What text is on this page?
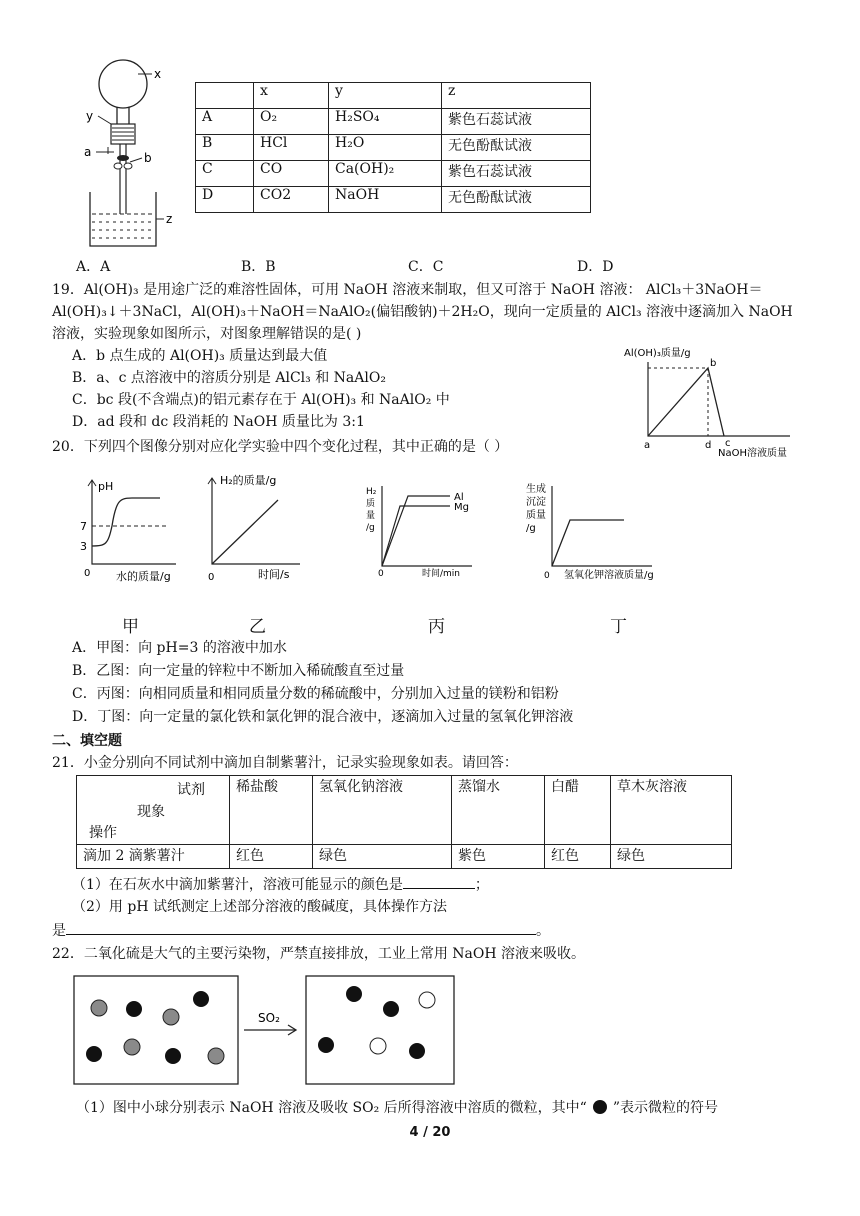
x
y
a	b
z
	x	y	z
A	O₂	H₂SO₄	紫色石蕊试液
B	HCl	H₂O	无色酚酞试液
C	CO	Ca(OH)₂	紫色石蕊试液
D	CO2	NaOH	无色酚酞试液
A．A	B．B	C．C	D．D
19．Al(OH)₃ 是用途广泛的难溶性固体，可用 NaOH 溶液来制取，但又可溶于 NaOH 溶液： AlCl₃＋3NaOH＝
Al(OH)₃↓＋3NaCl，Al(OH)₃＋NaOH＝NaAlO₂(偏铝酸钠)＋2H₂O，现向一定质量的 AlCl₃ 溶液中逐滴加入 NaOH
溶液，实验现象如图所示，对图象理解错误的是( )
A．b 点生成的 Al(OH)₃ 质量达到最大值
B．a、c 点溶液中的溶质分别是 AlCl₃ 和 NaAlO₂
C．bc 段(不含端点)的铝元素存在于 Al(OH)₃ 和 NaAlO₂ 中
D．ad 段和 dc 段消耗的 NaOH 质量比为 3:1
Al(OH)₃质量/g
a
b
d c
NaOH溶液质量
20．下列四个图像分别对应化学实验中四个变化过程，其中正确的是（ ）
pH
7
3
0 水的质量/g
H₂的质量/g
0	时间/s
H₂
质
量
/g
Al
Mg
0	时间/min
生成
沉淀
质量
/g
0 氢氧化钾溶液质量/g
甲	乙	丙	丁
A．甲图：向 pH=3 的溶液中加水
B．乙图：向一定量的锌粒中不断加入稀硫酸直至过量
C．丙图：向相同质量和相同质量分数的稀硫酸中，分别加入过量的镁粉和铝粉
D．丁图：向一定量的氯化铁和氯化钾的混合液中，逐滴加入过量的氢氧化钾溶液
二、填空题
21．小金分别向不同试剂中滴加自制紫薯汁，记录实验现象如表。请回答：
试剂
现象
操作	稀盐酸	氢氧化钠溶液	蒸馏水	白醋	草木灰溶液
滴加 2 滴紫薯汁	红色	绿色	紫色	红色	绿色
（1）在石灰水中滴加紫薯汁，溶液可能显示的颜色是	；
（2）用 pH 试纸测定上述部分溶液的酸碱度，具体操作方法
是	。
22．二氧化硫是大气的主要污染物，严禁直接排放，工业上常用 NaOH 溶液来吸收。
SO₂
（1）图中小球分别表示 NaOH 溶液及吸收 SO₂ 后所得溶液中溶质的微粒，其中“ ”表示微粒的符号
4 / 20
